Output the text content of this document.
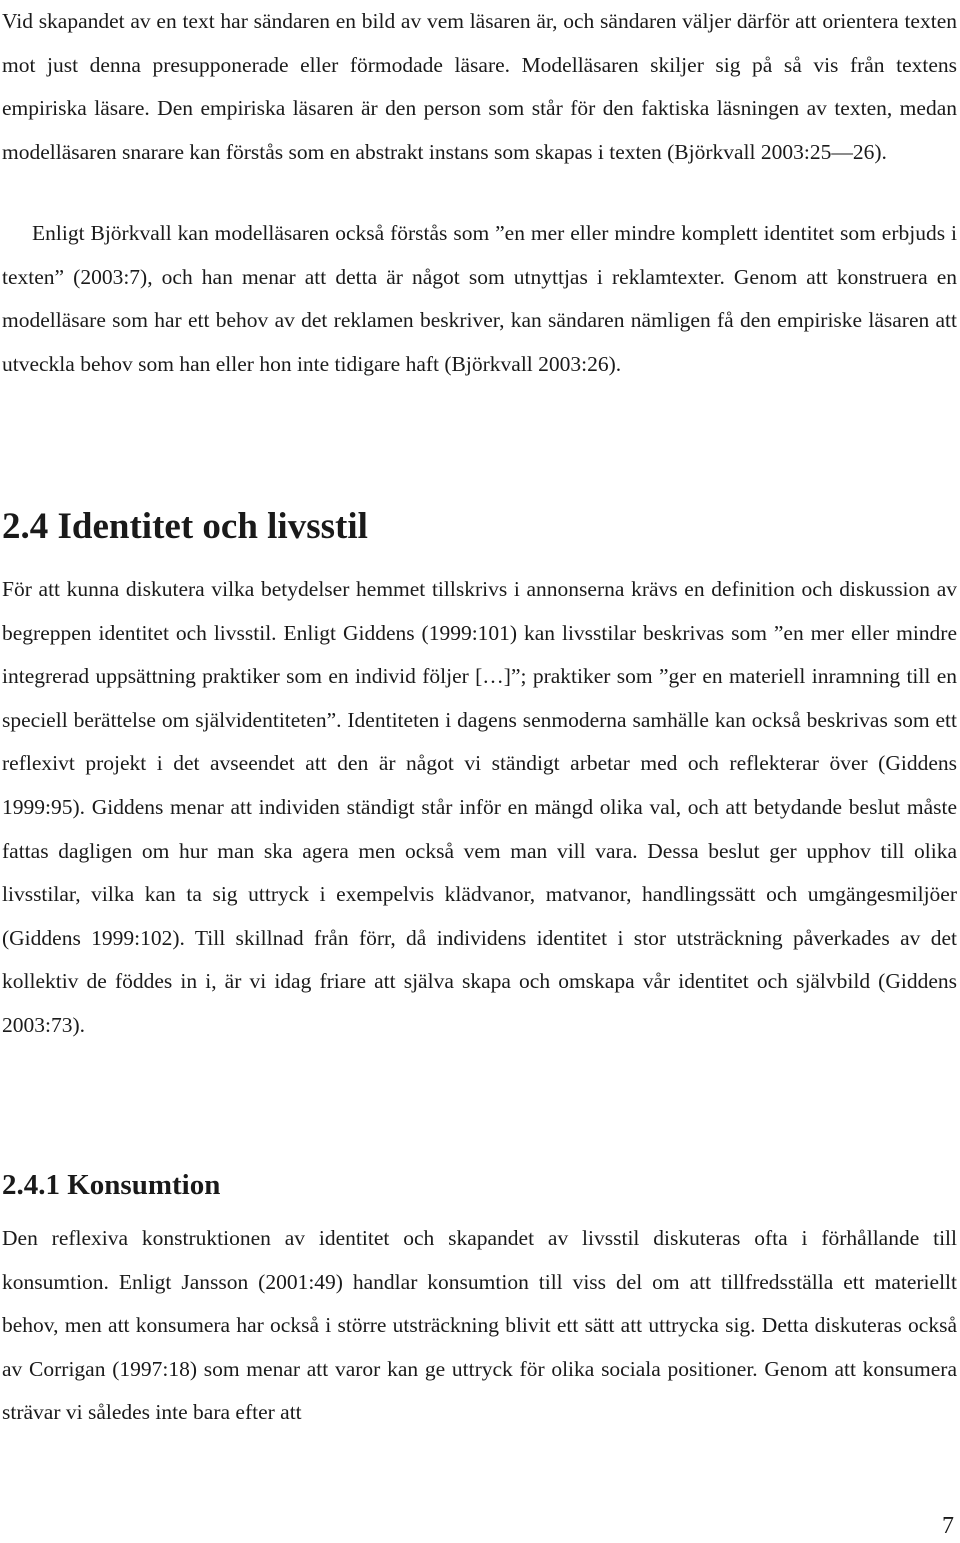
Vid skapandet av en text har sändaren en bild av vem läsaren är, och sändaren väljer därför att orientera texten mot just denna presupponerade eller förmodade läsare. Modelläsaren skiljer sig på så vis från textens empiriska läsare. Den empiriska läsaren är den person som står för den faktiska läsningen av texten, medan modelläsaren snarare kan förstås som en abstrakt instans som skapas i texten (Björkvall 2003:25—26).

Enligt Björkvall kan modelläsaren också förstås som ”en mer eller mindre komplett identitet som erbjuds i texten” (2003:7), och han menar att detta är något som utnyttjas i reklamtexter. Genom att konstruera en modelläsare som har ett behov av det reklamen beskriver, kan sändaren nämligen få den empiriske läsaren att utveckla behov som han eller hon inte tidigare haft (Björkvall 2003:26).

2.4 Identitet och livsstil

För att kunna diskutera vilka betydelser hemmet tillskrivs i annonserna krävs en definition och diskussion av begreppen identitet och livsstil. Enligt Giddens (1999:101) kan livsstilar beskrivas som ”en mer eller mindre integrerad uppsättning praktiker som en individ följer […]”; praktiker som ”ger en materiell inramning till en speciell berättelse om självidentiteten”. Identiteten i dagens senmoderna samhälle kan också beskrivas som ett reflexivt projekt i det avseendet att den är något vi ständigt arbetar med och reflekterar över (Giddens 1999:95). Giddens menar att individen ständigt står inför en mängd olika val, och att betydande beslut måste fattas dagligen om hur man ska agera men också vem man vill vara. Dessa beslut ger upphov till olika livsstilar, vilka kan ta sig uttryck i exempelvis klädvanor, matvanor, handlingssätt och umgängesmiljöer (Giddens 1999:102). Till skillnad från förr, då individens identitet i stor utsträckning påverkades av det kollektiv de föddes in i, är vi idag friare att själva skapa och omskapa vår identitet och självbild (Giddens 2003:73).

2.4.1 Konsumtion

Den reflexiva konstruktionen av identitet och skapandet av livsstil diskuteras ofta i förhållande till konsumtion. Enligt Jansson (2001:49) handlar konsumtion till viss del om att tillfredsställa ett materiellt behov, men att konsumera har också i större utsträckning blivit ett sätt att uttrycka sig. Detta diskuteras också av Corrigan (1997:18) som menar att varor kan ge uttryck för olika sociala positioner. Genom att konsumera strävar vi således inte bara efter att

7
